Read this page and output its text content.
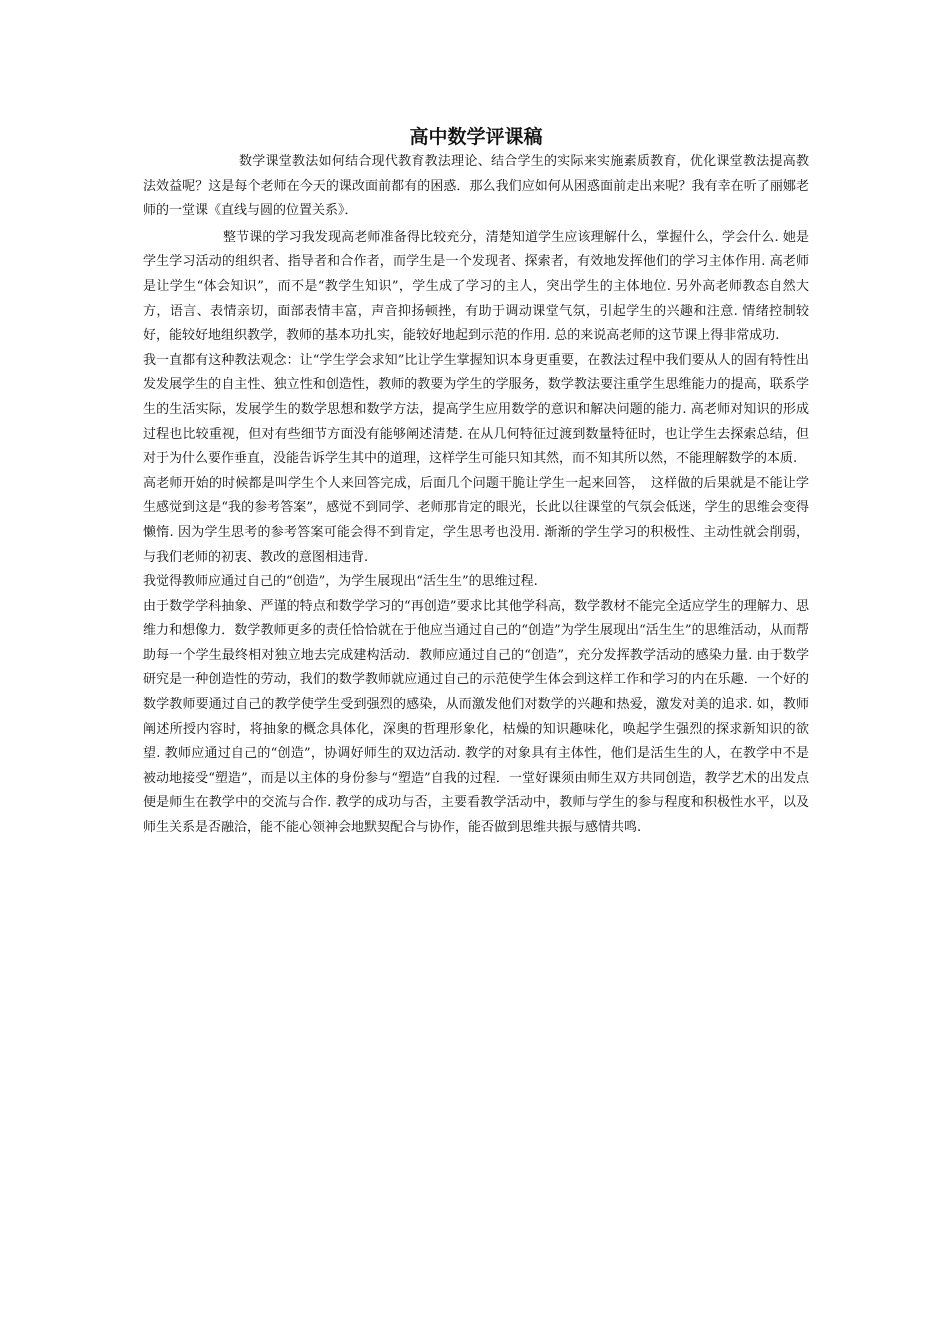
高中数学评课稿

数学课堂教法如何结合现代教育教法理论、结合学生的实际来实施素质教育，优化课堂教法提高教法效益呢？这是每个老师在今天的课改面前都有的困惑．那么我们应如何从困惑面前走出来呢？我有幸在听了丽娜老师的一堂课《直线与圆的位置关系》．

整节课的学习我发现高老师准备得比较充分，清楚知道学生应该理解什么，掌握什么，学会什么. 她是学生学习活动的组织者、指导者和合作者，而学生是一个发现者、探索者，有效地发挥他们的学习主体作用. 高老师是让学生“体会知识”，而不是“教学生知识”，学生成了学习的主人，突出学生的主体地位. 另外高老师教态自然大方，语言、表情亲切，面部表情丰富，声音抑扬顿挫，有助于调动课堂气氛，引起学生的兴趣和注意. 情绪控制较好，能较好地组织教学，教师的基本功扎实，能较好地起到示范的作用. 总的来说高老师的这节课上得非常成功.

我一直都有这种教法观念：让“学生学会求知”比让学生掌握知识本身更重要，在教法过程中我们要从人的固有特性出发发展学生的自主性、独立性和创造性，教师的教要为学生的学服务，数学教法要注重学生思维能力的提高，联系学生的生活实际，发展学生的数学思想和数学方法，提高学生应用数学的意识和解决问题的能力. 高老师对知识的形成过程也比较重视，但对有些细节方面没有能够阐述清楚. 在从几何特征过渡到数量特征时，也让学生去探索总结，但对于为什么要作垂直，没能告诉学生其中的道理，这样学生可能只知其然，而不知其所以然，不能理解数学的本质.

高老师开始的时候都是叫学生个人来回答完成，后面几个问题干脆让学生一起来回答，　这样做的后果就是不能让学生感觉到这是“我的参考答案”，感觉不到同学、老师那肯定的眼光，长此以往课堂的气氛会低迷，学生的思维会变得懒惰. 因为学生思考的参考答案可能会得不到肯定，学生思考也没用. 渐渐的学生学习的积极性、主动性就会削弱，与我们老师的初衷、教改的意图相违背.

我觉得教师应通过自己的“创造”，为学生展现出“活生生”的思维过程.

由于数学学科抽象、严谨的特点和数学学习的“再创造”要求比其他学科高，数学教材不能完全适应学生的理解力、思维力和想像力．数学教师更多的责任恰恰就在于他应当通过自己的“创造”为学生展现出“活生生”的思维活动，从而帮助每一个学生最终相对独立地去完成建构活动．教师应通过自己的“创造”，充分发挥教学活动的感染力量. 由于数学研究是一种创造性的劳动，我们的数学教师就应通过自己的示范使学生体会到这样工作和学习的内在乐趣．一个好的数学教师要通过自己的教学使学生受到强烈的感染，从而激发他们对数学的兴趣和热爱，激发对美的追求. 如，教师阐述所授内容时，将抽象的概念具体化，深奥的哲理形象化，枯燥的知识趣味化，唤起学生强烈的探求新知识的欲望. 教师应通过自己的“创造”，协调好师生的双边活动. 教学的对象具有主体性，他们是活生生的人，在教学中不是被动地接受“塑造”，而是以主体的身份参与“塑造”自我的过程．一堂好课须由师生双方共同创造，教学艺术的出发点便是师生在教学中的交流与合作. 教学的成功与否，主要看教学活动中，教师与学生的参与程度和积极性水平，以及师生关系是否融洽，能不能心领神会地默契配合与协作，能否做到思维共振与感情共鸣.
